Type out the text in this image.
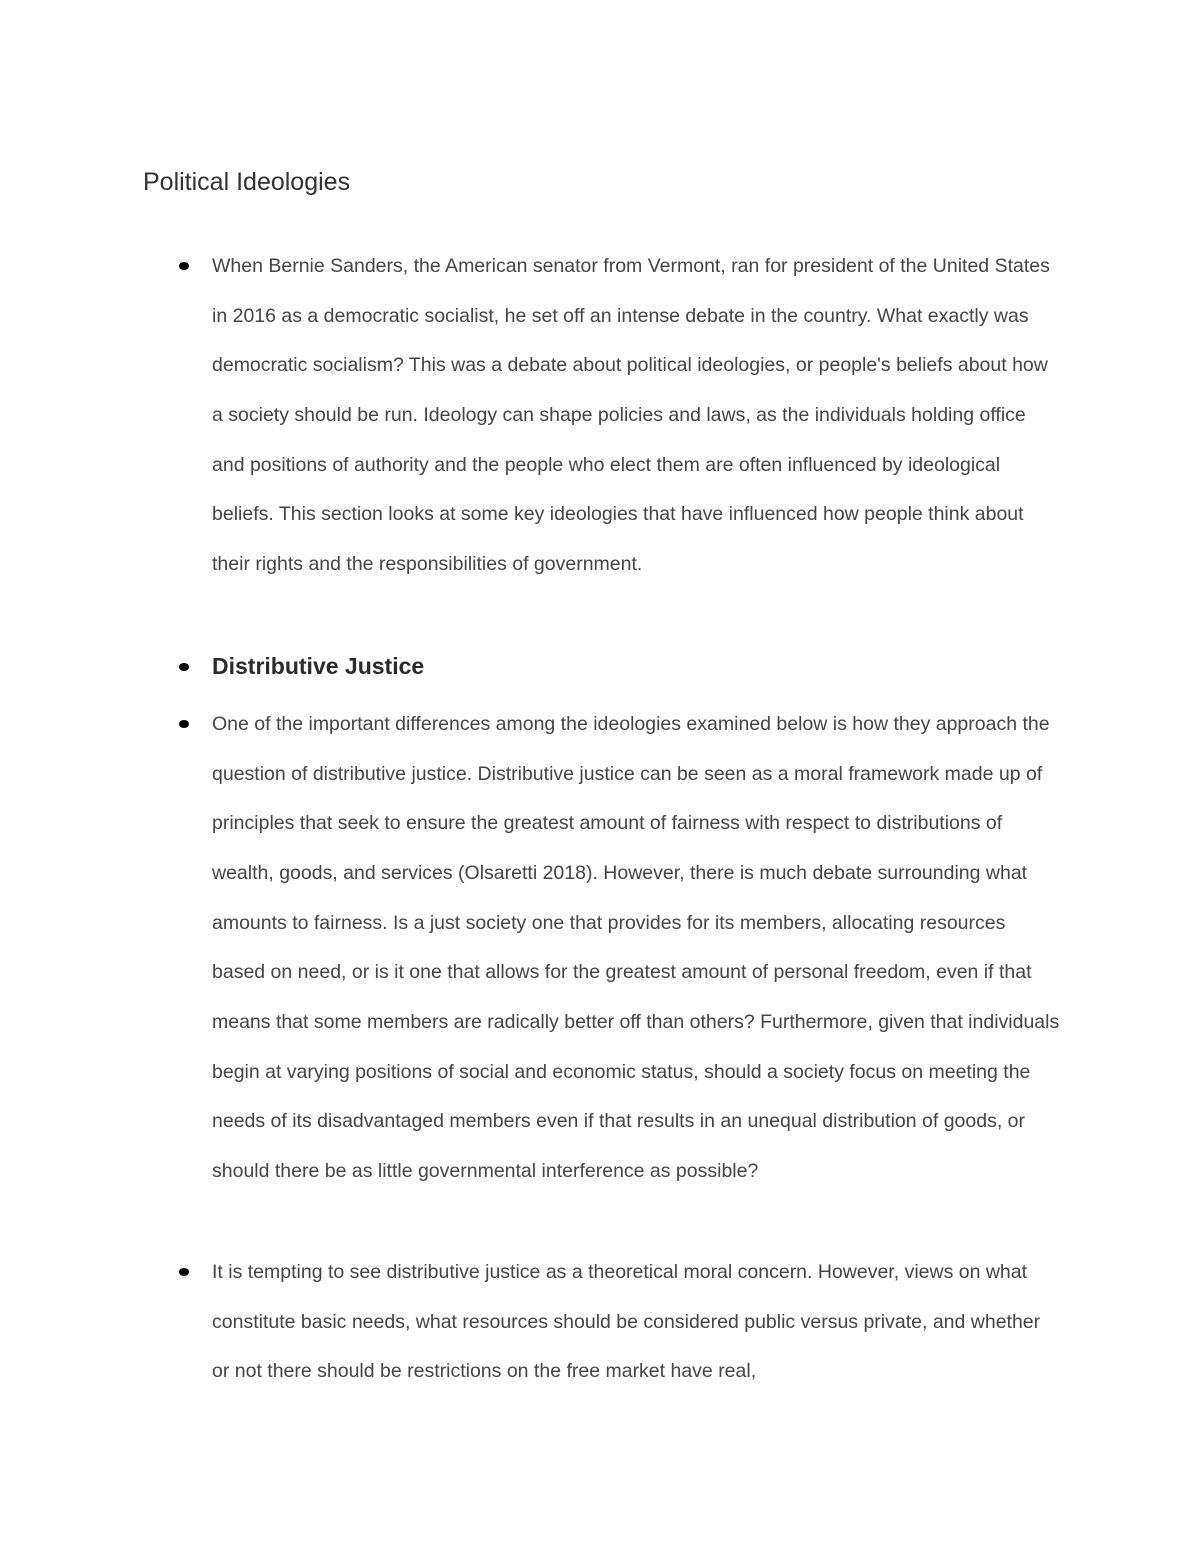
Political Ideologies

When Bernie Sanders, the American senator from Vermont, ran for president of the United States in 2016 as a democratic socialist, he set off an intense debate in the country. What exactly was democratic socialism? This was a debate about political ideologies, or people's beliefs about how a society should be run. Ideology can shape policies and laws, as the individuals holding office and positions of authority and the people who elect them are often influenced by ideological beliefs. This section looks at some key ideologies that have influenced how people think about their rights and the responsibilities of government.

Distributive Justice

One of the important differences among the ideologies examined below is how they approach the question of distributive justice. Distributive justice can be seen as a moral framework made up of principles that seek to ensure the greatest amount of fairness with respect to distributions of wealth, goods, and services (Olsaretti 2018). However, there is much debate surrounding what amounts to fairness. Is a just society one that provides for its members, allocating resources based on need, or is it one that allows for the greatest amount of personal freedom, even if that means that some members are radically better off than others? Furthermore, given that individuals begin at varying positions of social and economic status, should a society focus on meeting the needs of its disadvantaged members even if that results in an unequal distribution of goods, or should there be as little governmental interference as possible?

It is tempting to see distributive justice as a theoretical moral concern. However, views on what constitute basic needs, what resources should be considered public versus private, and whether or not there should be restrictions on the free market have real,
